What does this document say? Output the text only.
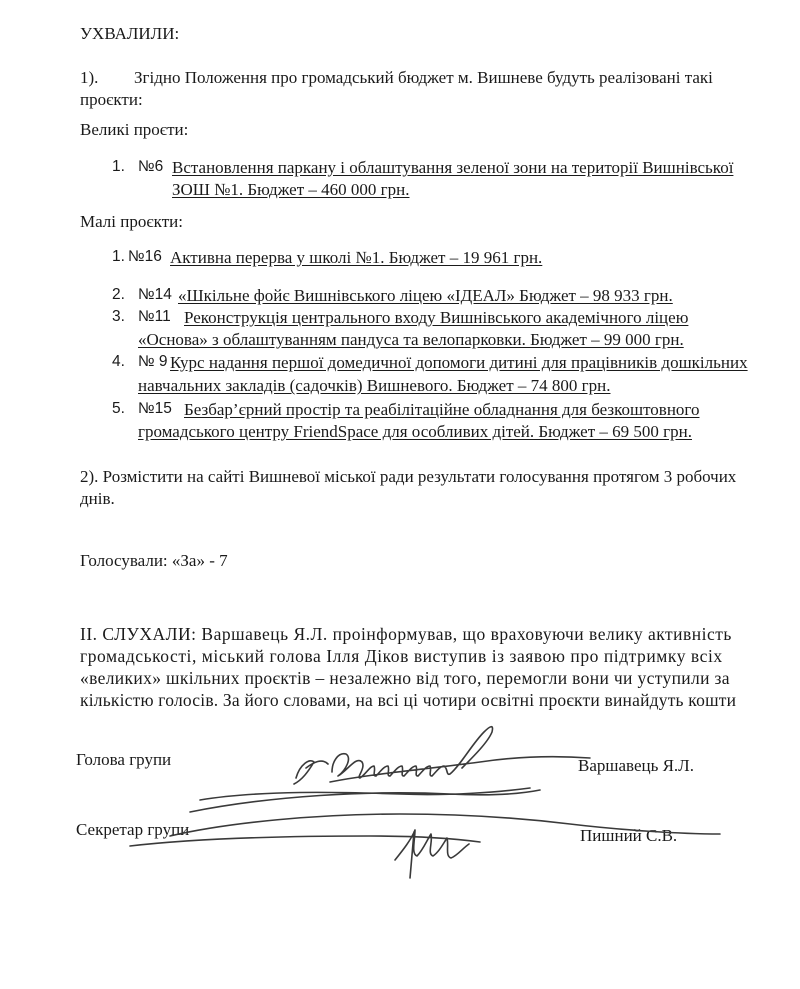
УХВАЛИЛИ:
1). Згідно Положення про громадський бюджет м. Вишневе будуть реалізовані такі
проєкти:
Великі проєти:
1. №6 Встановлення паркану і облаштування зеленої зони на території Вишнівської
ЗОШ №1. Бюджет – 460 000 грн.
Малі проєкти:
1. №16 Активна перерва у школі №1. Бюджет – 19 961 грн.
2. №14 «Шкільне фойє Вишнівського ліцею «ІДЕАЛ» Бюджет – 98 933 грн.
3. №11 Реконструкція центрального входу Вишнівського академічного ліцею
«Основа» з облаштуванням пандуса та велопарковки. Бюджет – 99 000 грн.
4. № 9 Курс надання першої домедичної допомоги дитині для працівників дошкільних
навчальних закладів (садочків) Вишневого. Бюджет – 74 800 грн.
5. №15 Безбар’єрний простір та реабілітаційне обладнання для безкоштовного
громадського центру FriendSpace для особливих дітей. Бюджет – 69 500 грн.
2). Розмістити на сайті Вишневої міської ради результати голосування протягом 3 робочих
днів.
Голосували: «За» - 7
II. СЛУХАЛИ: Варшавець Я.Л. проінформував, що враховуючи велику активність
громадськості, міський голова Ілля Діков виступив із заявою про підтримку всіх
«великих» шкільних проєктів – незалежно від того, перемогли вони чи уступили за
кількістю голосів. За його словами, на всі ці чотири освітні проєкти винайдуть кошти
Голова групи	Варшавець Я.Л.
Секретар групи	Пишний С.В.
